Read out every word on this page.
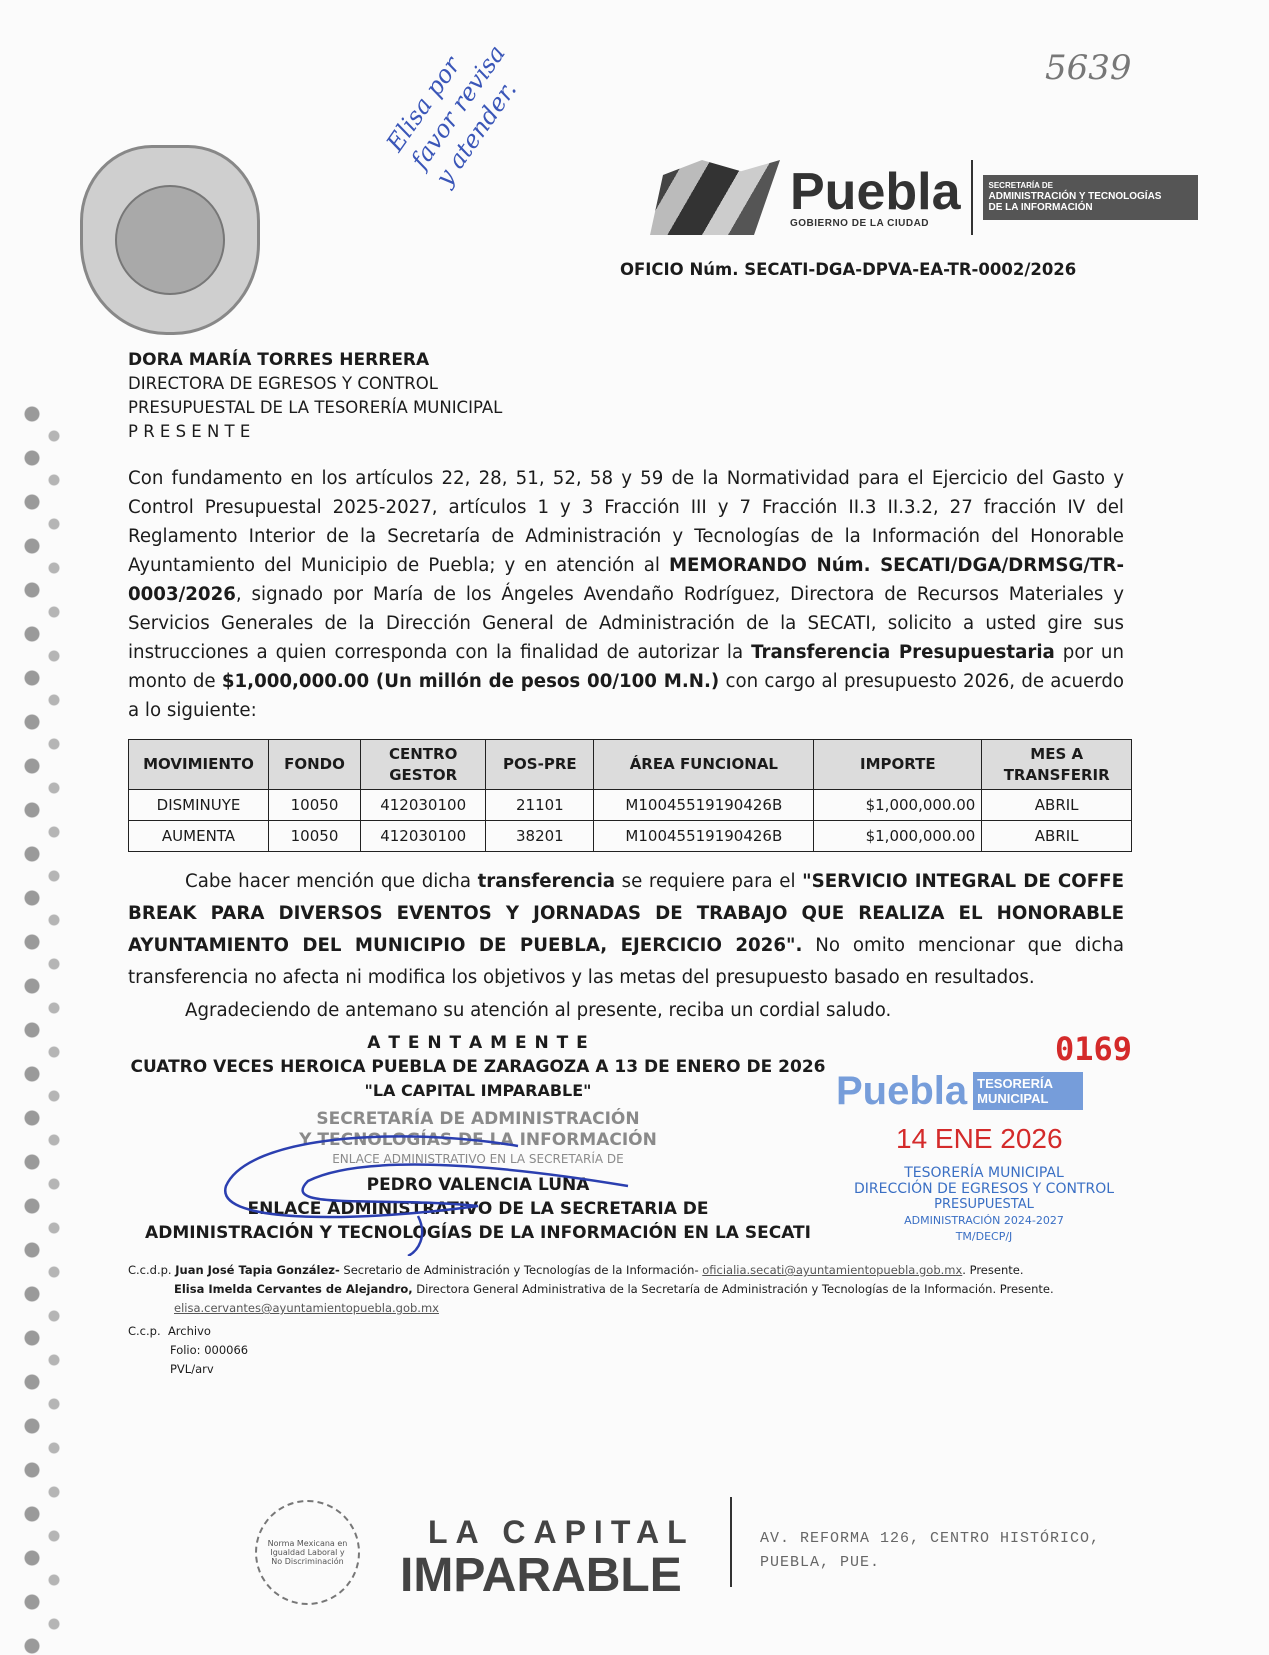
Elisa por favor revisa y atender.
5639
Puebla
GOBIERNO DE LA CIUDAD
SECRETARÍA DE
ADMINISTRACIÓN Y TECNOLOGÍAS
DE LA INFORMACIÓN
OFICIO Núm. SECATI-DGA-DPVA-EA-TR-0002/2026
DORA MARÍA TORRES HERRERA
DIRECTORA DE EGRESOS Y CONTROL
PRESUPUESTAL DE LA TESORERÍA MUNICIPAL
P R E S E N T E
Con fundamento en los artículos 22, 28, 51, 52, 58 y 59 de la Normatividad para el Ejercicio del Gasto y Control Presupuestal 2025-2027, artículos 1 y 3 Fracción III y 7 Fracción II.3 II.3.2, 27 fracción IV del Reglamento Interior de la Secretaría de Administración y Tecnologías de la Información del Honorable Ayuntamiento del Municipio de Puebla; y en atención al MEMORANDO Núm. SECATI/DGA/DRMSG/TR-0003/2026, signado por María de los Ángeles Avendaño Rodríguez, Directora de Recursos Materiales y Servicios Generales de la Dirección General de Administración de la SECATI, solicito a usted gire sus instrucciones a quien corresponda con la finalidad de autorizar la Transferencia Presupuestaria por un monto de $1,000,000.00 (Un millón de pesos 00/100 M.N.) con cargo al presupuesto 2026, de acuerdo a lo siguiente:
MOVIMIENTO	FONDO	CENTRO GESTOR	POS-PRE	ÁREA FUNCIONAL	IMPORTE	MES A TRANSFERIR
DISMINUYE	10050	412030100	21101	M10045519190426B	$1,000,000.00	ABRIL
AUMENTA	10050	412030100	38201	M10045519190426B	$1,000,000.00	ABRIL
Cabe hacer mención que dicha transferencia se requiere para el "SERVICIO INTEGRAL DE COFFE BREAK PARA DIVERSOS EVENTOS Y JORNADAS DE TRABAJO QUE REALIZA EL HONORABLE AYUNTAMIENTO DEL MUNICIPIO DE PUEBLA, EJERCICIO 2026". No omito mencionar que dicha transferencia no afecta ni modifica los objetivos y las metas del presupuesto basado en resultados.
Agradeciendo de antemano su atención al presente, reciba un cordial saludo.
A T E N T A M E N T E
CUATRO VECES HEROICA PUEBLA DE ZARAGOZA A 13 DE ENERO DE 2026
"LA CAPITAL IMPARABLE"
SECRETARÍA DE ADMINISTRACIÓN
Y TECNOLOGÍAS DE LA INFORMACIÓN
ENLACE ADMINISTRATIVO EN LA SECRETARÍA DE
PEDRO VALENCIA LUNA
ENLACE ADMINISTRATIVO DE LA SECRETARIA DE
ADMINISTRACIÓN Y TECNOLOGÍAS DE LA INFORMACIÓN EN LA SECATI
0169
Puebla TESORERÍA MUNICIPAL
14 ENE 2026
TESORERÍA MUNICIPAL
DIRECCIÓN DE EGRESOS Y CONTROL
PRESUPUESTAL
ADMINISTRACIÓN 2024-2027
TM/DECP/J
C.c.d.p. Juan José Tapia González- Secretario de Administración y Tecnologías de la Información- oficialia.secati@ayuntamientopuebla.gob.mx. Presente.
Elisa Imelda Cervantes de Alejandro, Directora General Administrativa de la Secretaría de Administración y Tecnologías de la Información. Presente.
elisa.cervantes@ayuntamientopuebla.gob.mx
C.c.p. Archivo
Folio: 000066
PVL/arv
Norma Mexicana en Igualdad Laboral y No Discriminación
LA CAPITAL
IMPARABLE
AV. REFORMA 126, CENTRO HISTÓRICO,
PUEBLA, PUE.
